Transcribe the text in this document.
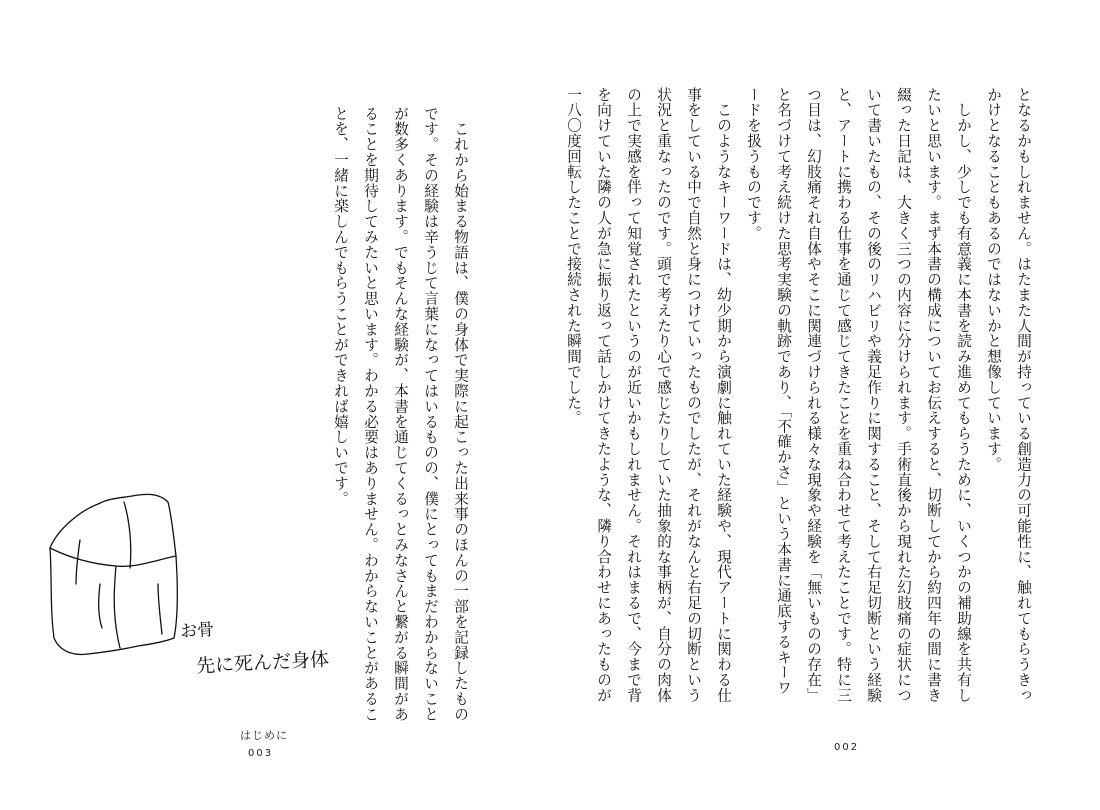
となるかもしれません。はたまた人間が持っている創造力の可能性に、触れてもらうきっ
かけとなることもあるのではないかと想像しています。
　しかし、少しでも有意義に本書を読み進めてもらうために、いくつかの補助線を共有し
たいと思います。まず本書の構成についてお伝えすると、切断してから約四年の間に書き
綴った日記は、大きく三つの内容に分けられます。手術直後から現れた幻肢痛の症状につ
いて書いたもの、その後のリハビリや義足作りに関すること、そして右足切断という経験
と、アートに携わる仕事を通じて感じてきたことを重ね合わせて考えたことです。特に三
つ目は、幻肢痛それ自体やそこに関連づけられる様々な現象や経験を「無いものの存在」
と名づけて考え続けた思考実験の軌跡であり、「不確かさ」という本書に通底するキーワ
ードを扱うものです。
　このようなキーワードは、幼少期から演劇に触れていた経験や、現代アートに関わる仕
事をしている中で自然と身につけていったものでしたが、それがなんと右足の切断という
状況と重なったのです。頭で考えたり心で感じたりしていた抽象的な事柄が、自分の肉体
の上で実感を伴って知覚されたというのが近いかもしれません。それはまるで、今まで背
を向けていた隣の人が急に振り返って話しかけてきたような、隣り合わせにあったものが
一八〇度回転したことで接続された瞬間でした。
002
　これから始まる物語は、僕の身体で実際に起こった出来事のほんの一部を記録したもの
です。その経験は辛うじて言葉になってはいるものの、僕にとってもまだわからないこと
が数多くあります。でもそんな経験が、本書を通じてくるっとみなさんと繋がる瞬間があ
ることを期待してみたいと思います。わかる必要はありません。わからないことがあるこ
とを、一緒に楽しんでもらうことができれば嬉しいです。
お骨
先に死んだ身体
はじめに
003
